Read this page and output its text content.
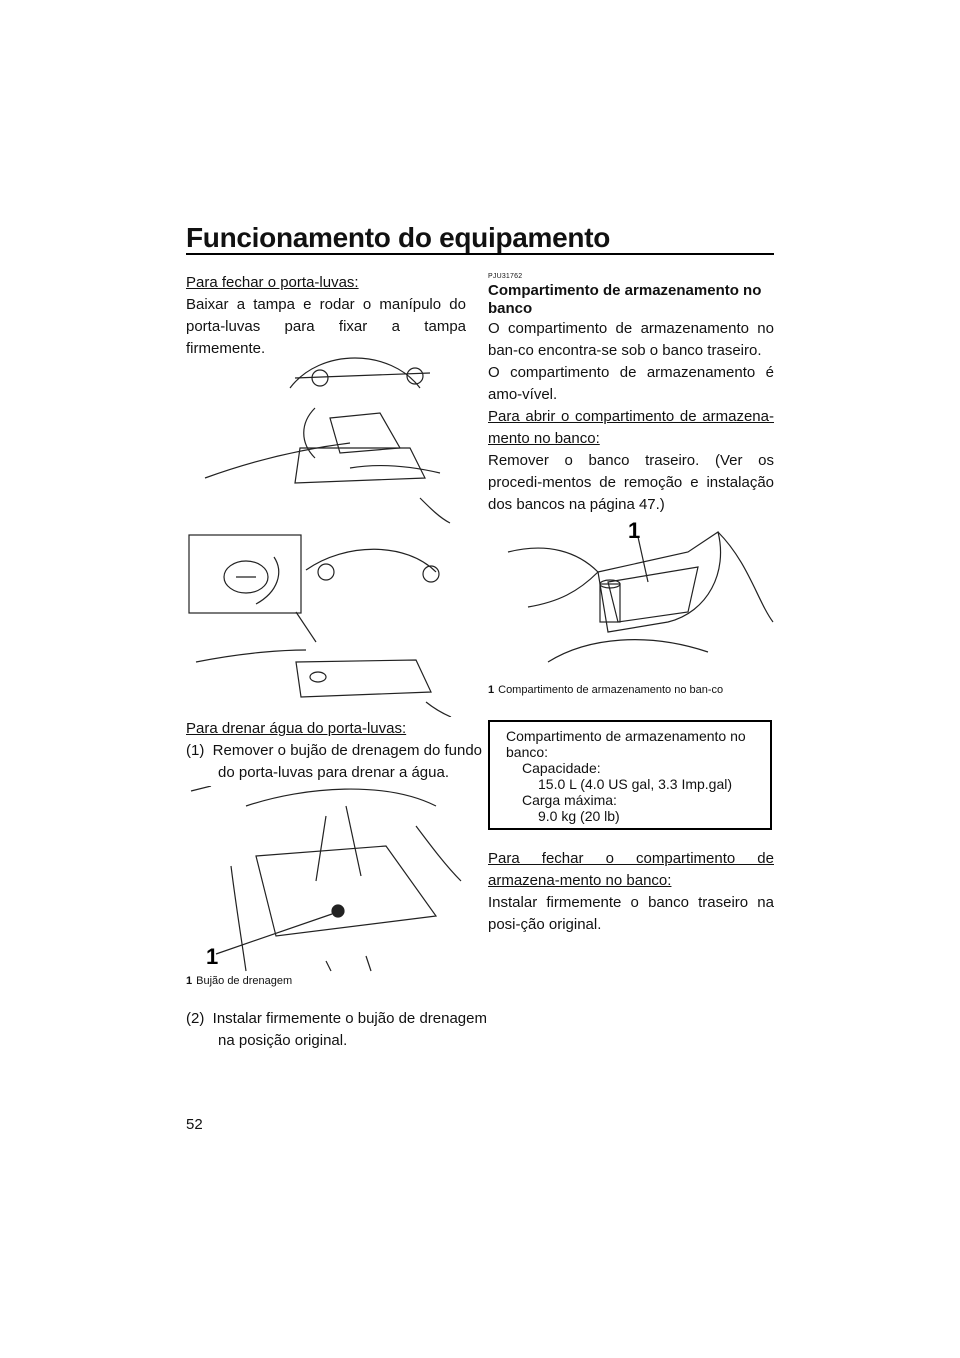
Funcionamento do equipamento
Para fechar o porta-luvas:
Baixar a tampa e rodar o manípulo do porta-luvas para fixar a tampa firmemente.
Para drenar água do porta-luvas:
(1)  Remover o bujão de drenagem do fundo do porta-luvas para drenar a água.
1
1 Bujão de drenagem
(2)  Instalar firmemente o bujão de drenagem na posição original.
PJU31762
Compartimento de armazenamento no banco
O compartimento de armazenamento no ban-co encontra-se sob o banco traseiro.
O compartimento de armazenamento é amo-vível.
Para abrir o compartimento de armazena-mento no banco:
Remover o banco traseiro. (Ver os procedi-mentos de remoção e instalação dos bancos na página 47.)
1
1 Compartimento de armazenamento no ban-co
Compartimento de armazenamento no banco:
Capacidade:
15.0 L (4.0 US gal, 3.3 Imp.gal)
Carga máxima:
9.0 kg (20 lb)
Para fechar o compartimento de armazena-mento no banco:
Instalar firmemente o banco traseiro na posi-ção original.
52
